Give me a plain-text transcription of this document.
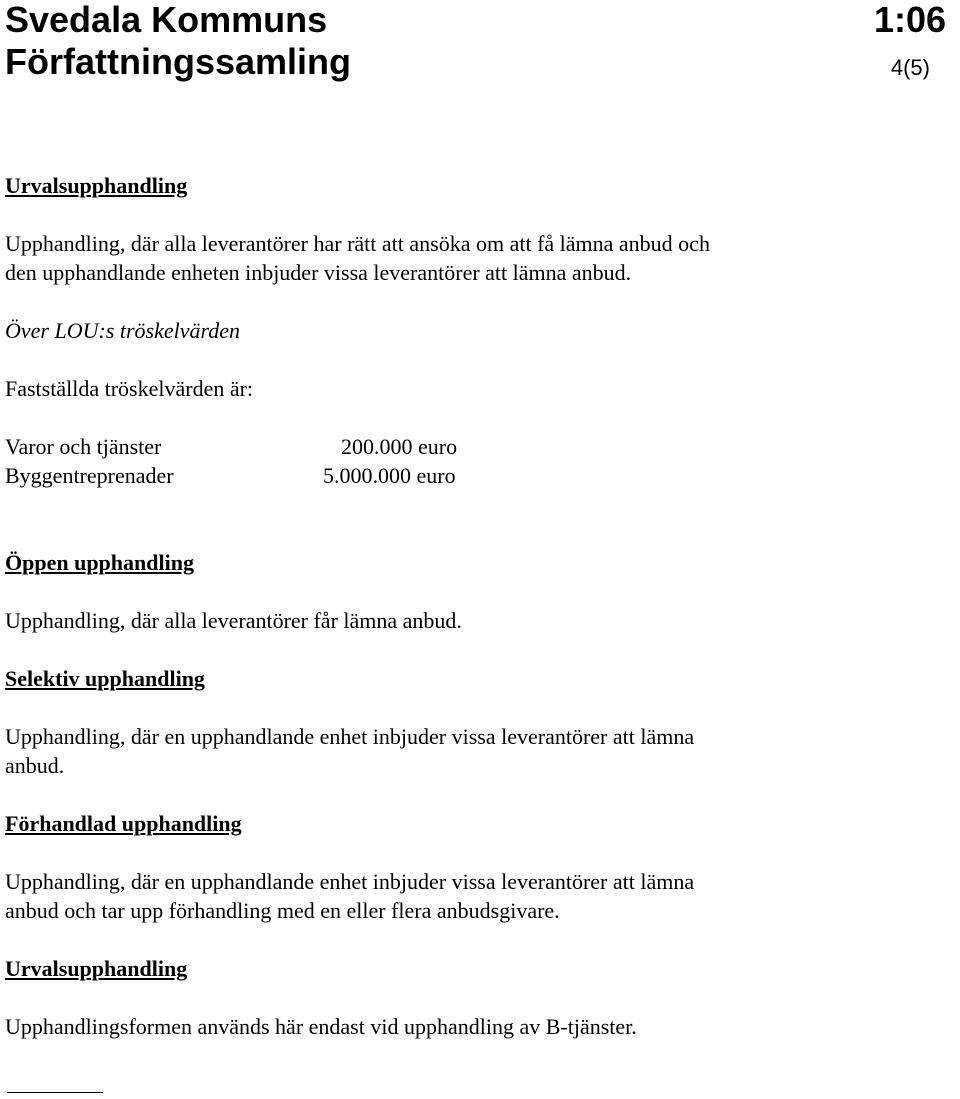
Svedala Kommuns
Författningssamling
1:06
4(5)
Urvalsupphandling
Upphandling, där alla leverantörer har rätt att ansöka om att få lämna anbud och
den upphandlande enheten inbjuder vissa leverantörer att lämna anbud.
Över LOU:s tröskelvärden
Fastställda tröskelvärden är:
Varor och tjänster	200.000 euro
Byggentreprenader	5.000.000 euro
Öppen upphandling
Upphandling, där alla leverantörer får lämna anbud.
Selektiv upphandling
Upphandling, där en upphandlande enhet inbjuder vissa leverantörer att lämna
anbud.
Förhandlad upphandling
Upphandling, där en upphandlande enhet inbjuder vissa leverantörer att lämna
anbud och tar upp förhandling med en eller flera anbudsgivare.
Urvalsupphandling
Upphandlingsformen används här endast vid upphandling av B-tjänster.
